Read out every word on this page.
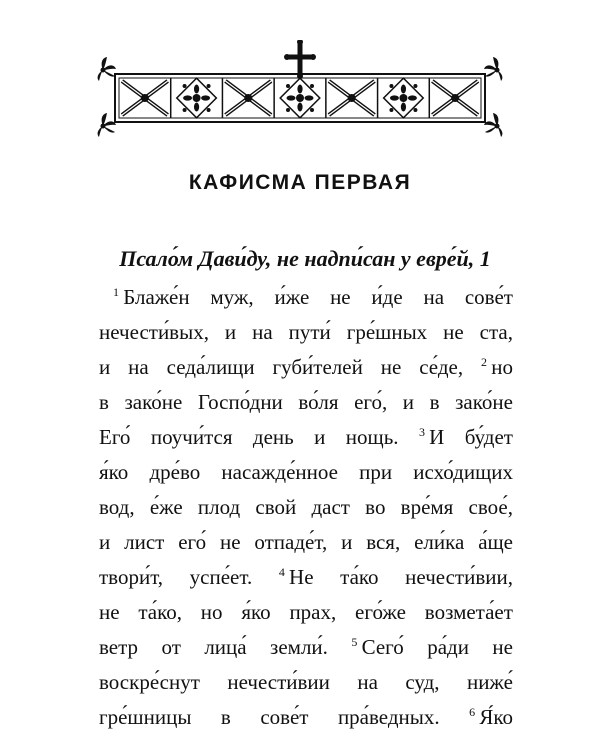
КАФИСМА ПЕРВАЯ
Псало́м Дави́ду, не надпи́сан у евре́й, 1
$^1$  Блаже́н муж, и́же не и́де на сове́т
нечести́вых, и на пути́ гре́шных не ста,
и на седа́лищи губи́телей не се́де, $^2$  но
в зако́не Госпо́дни во́ля его́, и в зако́не
Его́ поучи́тся день и нощь. $^3$  И бу́дет
я́ко дре́во насажде́нное при исхо́дищих
вод, е́же плод свой даст во вре́мя свое́,
и лист его́ не отпаде́т, и вся, ели́ка а́ще
твори́т, успе́ет. $^4$  Не та́ко нечести́вии,
не та́ко, но я́ко прах, его́же возмета́ет
ветр от лица́ земли́. $^5$  Сего́ ра́ди не
воскре́снут нечести́вии на суд, ниже́
гре́шницы в сове́т пра́ведных. $^6$  Я́ко
